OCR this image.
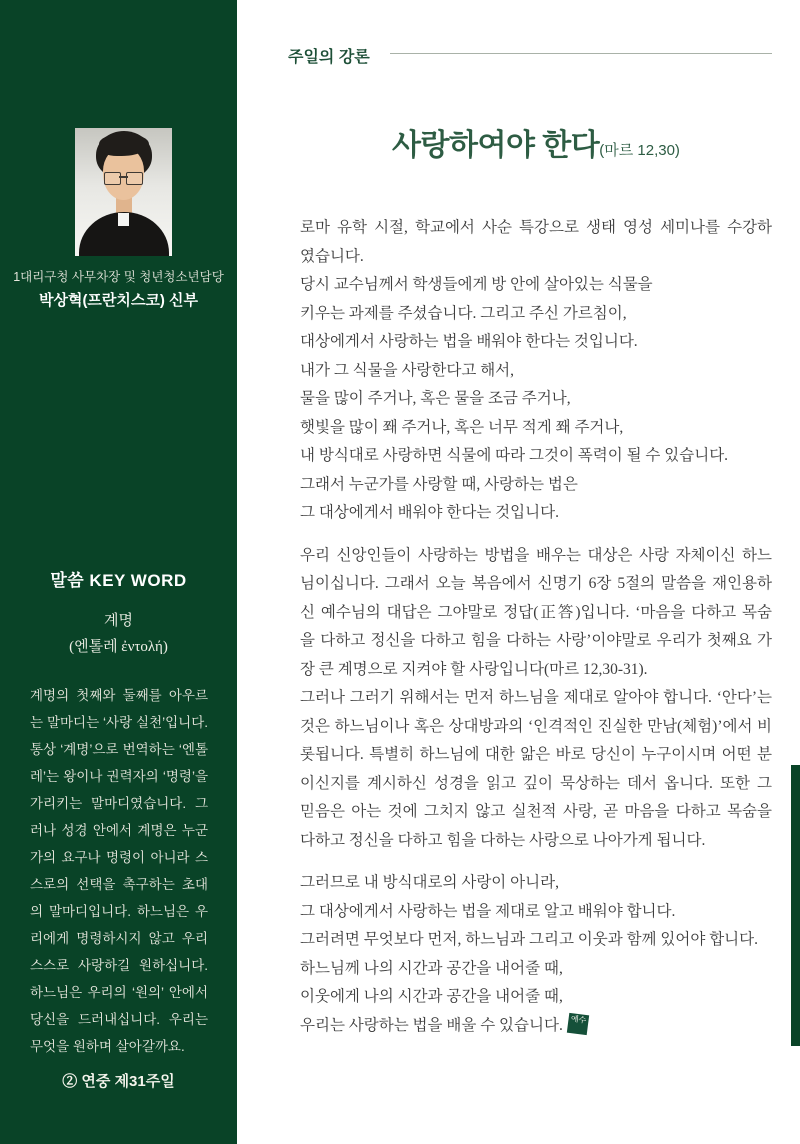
1대리구청 사무차장 및 청년청소년담당
박상혁(프란치스코) 신부
말씀 KEY WORD
계명
(엔톨레 ἐντολή)
계명의 첫째와 둘째를 아우르는 말마디는 ‘사랑 실천’입니다. 통상 ‘계명’으로 번역하는 ‘엔톨레’는 왕이나 권력자의 ‘명령’을 가리키는 말마디였습니다. 그러나 성경 안에서 계명은 누군가의 요구나 명령이 아니라 스스로의 선택을 촉구하는 초대의 말마디입니다. 하느님은 우리에게 명령하시지 않고 우리 스스로 사랑하길 원하십니다. 하느님은 우리의 ‘원의’ 안에서 당신을 드러내십니다. 우리는 무엇을 원하며 살아갈까요.
② 연중 제31주일
주일의 강론
사랑하여야 한다(마르 12,30)
로마 유학 시절, 학교에서 사순 특강으로 생태 영성 세미나를 수강하
였습니다.
당시 교수님께서 학생들에게 방 안에 살아있는 식물을
키우는 과제를 주셨습니다. 그리고 주신 가르침이,
대상에게서 사랑하는 법을 배워야 한다는 것입니다.
내가 그 식물을 사랑한다고 해서,
물을 많이 주거나, 혹은 물을 조금 주거나,
햇빛을 많이 쫴 주거나, 혹은 너무 적게 쫴 주거나,
내 방식대로 사랑하면 식물에 따라 그것이 폭력이 될 수 있습니다.
그래서 누군가를 사랑할 때, 사랑하는 법은
그 대상에게서 배워야 한다는 것입니다.
우리 신앙인들이 사랑하는 방법을 배우는 대상은 사랑 자체이신 하느
님이십니다. 그래서 오늘 복음에서 신명기 6장 5절의 말씀을 재인용하
신 예수님의 대답은 그야말로 정답(正答)입니다. ‘마음을 다하고 목숨
을 다하고 정신을 다하고 힘을 다하는 사랑’이야말로 우리가 첫째요 가
장 큰 계명으로 지켜야 할 사랑입니다(마르 12,30-31).
그러나 그러기 위해서는 먼저 하느님을 제대로 알아야 합니다. ‘안다’는
것은 하느님이나 혹은 상대방과의 ‘인격적인 진실한 만남(체험)’에서 비
롯됩니다. 특별히 하느님에 대한 앎은 바로 당신이 누구이시며 어떤 분
이신지를 계시하신 성경을 읽고 깊이 묵상하는 데서 옵니다. 또한 그
믿음은 아는 것에 그치지 않고 실천적 사랑, 곧 마음을 다하고 목숨을
다하고 정신을 다하고 힘을 다하는 사랑으로 나아가게 됩니다.
그러므로 내 방식대로의 사랑이 아니라,
그 대상에게서 사랑하는 법을 제대로 알고 배워야 합니다.
그러려면 무엇보다 먼저, 하느님과 그리고 이웃과 함께 있어야 합니다.
하느님께 나의 시간과 공간을 내어줄 때,
이웃에게 나의 시간과 공간을 내어줄 때,
우리는 사랑하는 법을 배울 수 있습니다. 예수
